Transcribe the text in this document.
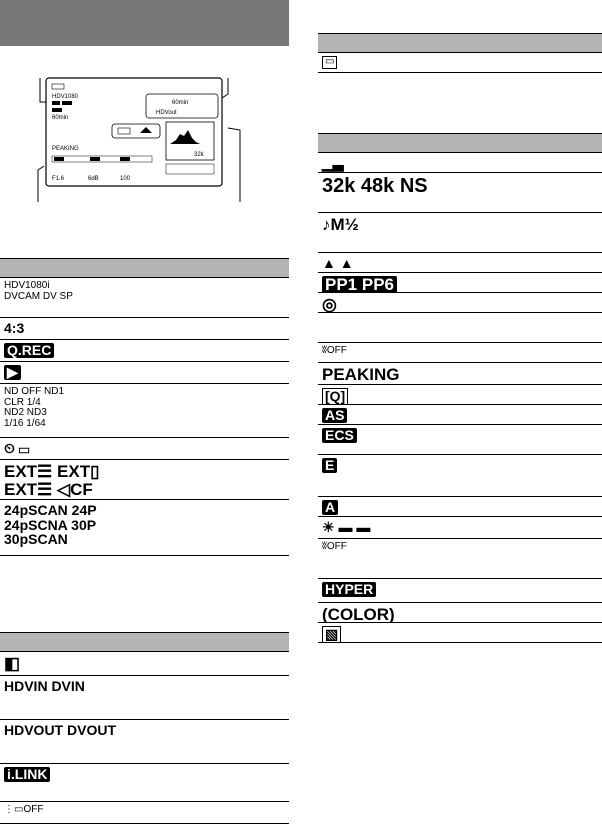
HDV1080
60min
60min
HDVout
32k
PEAKING
F1.6	6dB	100
HDV1080i
DVCAM DV SP
4:3
Q.REC
▶
ND OFF ND1
CLR 1/4
ND2 ND3
1/16 1/64
⏲ ▭
EXT☰ EXT▯
EXT☰ ◁CF
24pSCAN 24P
24pSCNA 30P
30pSCAN
◧
HDVIN DVIN
HDVOUT DVOUT
i.LINK
⋮▭OFF
▭
▁▃
32k 48k NS
♪M½
▲ ▲
PP1 PP6
◎
ʬOFF
PEAKING
[Q]
AS
ECS
E
A
☀ ▬ ▬
ʬOFF
HYPER
(COLOR)
▧
